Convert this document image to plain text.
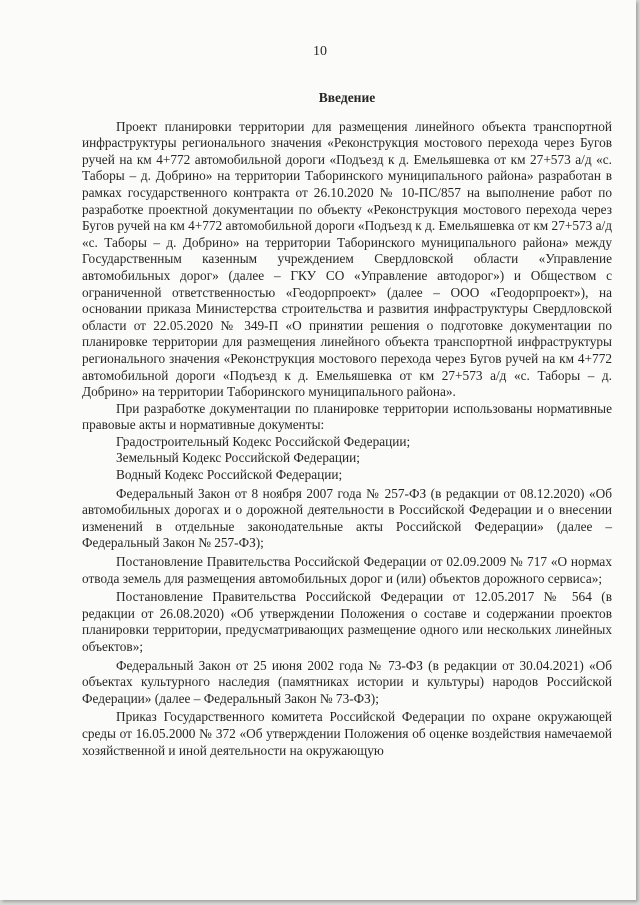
10
Введение

Проект планировки территории для размещения линейного объекта транспортной инфраструктуры регионального значения «Реконструкция мостового перехода через Бугов ручей на км 4+772 автомобильной дороги «Подъезд к д. Емельяшевка от км 27+573 а/д «с. Таборы – д. Добрино» на территории Таборинского муниципального района» разработан в рамках государственного контракта от 26.10.2020 № 10-ПС/857 на выполнение работ по разработке проектной документации по объекту «Реконструкция мостового перехода через Бугов ручей на км 4+772 автомобильной дороги «Подъезд к д. Емельяшевка от км 27+573 а/д «с. Таборы – д. Добрино» на территории Таборинского муниципального района» между Государственным казенным учреждением Свердловской области «Управление автомобильных дорог» (далее – ГКУ СО «Управление автодорог») и Обществом с ограниченной ответственностью «Геодорпроект» (далее – ООО «Геодорпроект»), на основании приказа Министерства строительства и развития инфраструктуры Свердловской области от 22.05.2020 № 349-П «О принятии решения о подготовке документации по планировке территории для размещения линейного объекта транспортной инфраструктуры регионального значения «Реконструкция мостового перехода через Бугов ручей на км 4+772 автомобильной дороги «Подъезд к д. Емельяшевка от км 27+573 а/д «с. Таборы – д. Добрино» на территории Таборинского муниципального района».

При разработке документации по планировке территории использованы нормативные правовые акты и нормативные документы:

Градостроительный Кодекс Российской Федерации;

Земельный Кодекс Российской Федерации;

Водный Кодекс Российской Федерации;

Федеральный Закон от 8 ноября 2007 года № 257-ФЗ (в редакции от 08.12.2020) «Об автомобильных дорогах и о дорожной деятельности в Российской Федерации и о внесении изменений в отдельные законодательные акты Российской Федерации» (далее – Федеральный Закон № 257-ФЗ);

Постановление Правительства Российской Федерации от 02.09.2009 № 717 «О нормах отвода земель для размещения автомобильных дорог и (или) объектов дорожного сервиса»;

Постановление Правительства Российской Федерации от 12.05.2017 № 564 (в редакции от 26.08.2020) «Об утверждении Положения о составе и содержании проектов планировки территории, предусматривающих размещение одного или нескольких линейных объектов»;

Федеральный Закон от 25 июня 2002 года № 73-ФЗ (в редакции от 30.04.2021) «Об объектах культурного наследия (памятниках истории и культуры) народов Российской Федерации» (далее – Федеральный Закон № 73-ФЗ);

Приказ Государственного комитета Российской Федерации по охране окружающей среды от 16.05.2000 № 372 «Об утверждении Положения об оценке воздействия намечаемой хозяйственной и иной деятельности на окружающую
